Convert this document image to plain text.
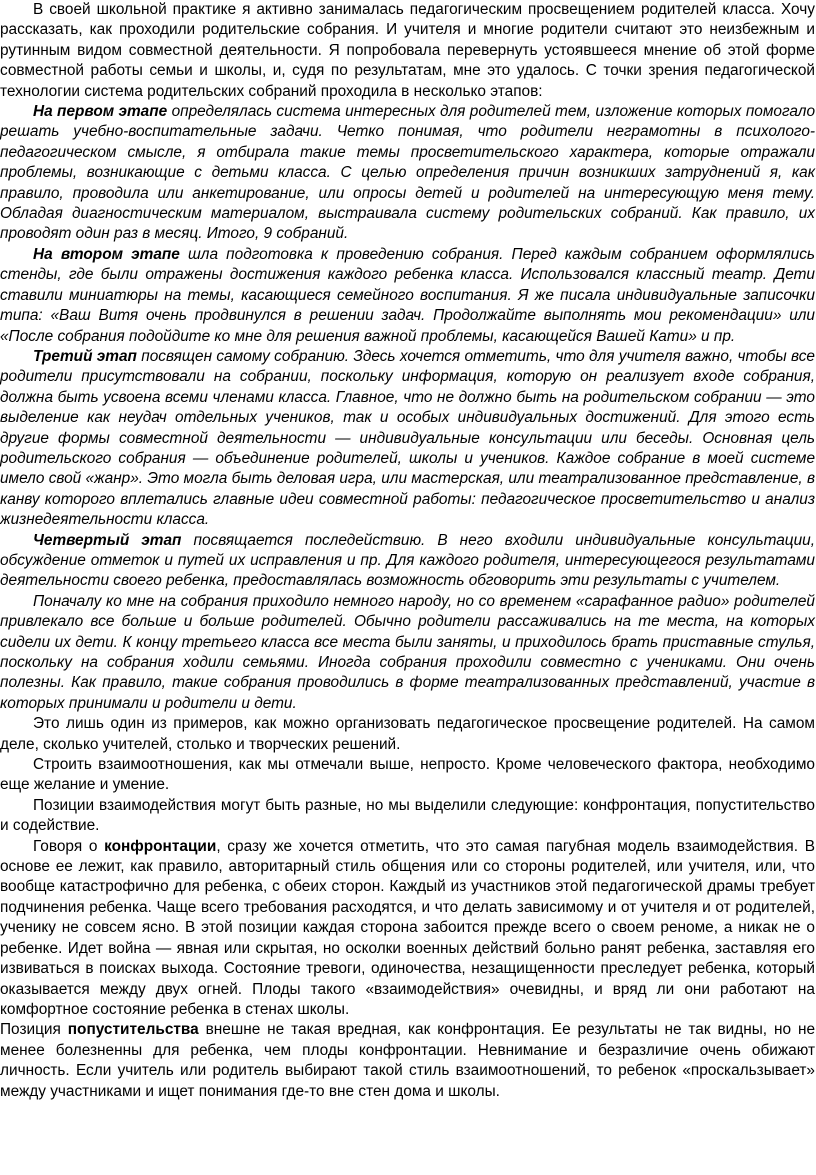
В своей школьной практике я активно занималась педагогическим просвещением родителей класса. Хочу рассказать, как проходили родительские собрания. И учителя и многие родители считают это неизбежным и рутинным видом совместной деятельности. Я попробовала перевернуть устоявшееся мнение об этой форме совместной работы семьи и школы, и, судя по результатам, мне это удалось. С точки зрения педагогической технологии система родительских собраний проходила в несколько этапов:

На первом этапе определялась система интересных для родителей тем, изложение которых помогало решать учебно-воспитательные задачи. Четко понимая, что родители неграмотны в психолого-педагогическом смысле, я отбирала такие темы просветительского характера, которые отражали проблемы, возникающие с детьми класса. С целью определения причин возникших затруднений я, как правило, проводила или анкетирование, или опросы детей и родителей на интересующую меня тему. Обладая диагностическим материалом, выстраивала систему родительских собраний. Как правило, их проводят один раз в месяц. Итого, 9 собраний.

На втором этапе шла подготовка к проведению собрания. Перед каждым собранием оформлялись стенды, где были отражены достижения каждого ребенка класса. Использовался классный театр. Дети ставили миниатюры на темы, касающиеся семейного воспитания. Я же писала индивидуальные записочки типа: «Ваш Витя очень продвинулся в решении задач. Продолжайте выполнять мои рекомендации» или «После собрания подойдите ко мне для решения важной проблемы, касающейся Вашей Кати» и пр.

Третий этап посвящен самому собранию. Здесь хочется отметить, что для учителя важно, чтобы все родители присутствовали на собрании, поскольку информация, которую он реализует входе собрания, должна быть усвоена всеми членами класса. Главное, что не должно быть на родительском собрании — это выделение как неудач отдельных учеников, так и особых индивидуальных достижений. Для этого есть другие формы совместной деятельности — индивидуальные консультации или беседы. Основная цель родительского собрания — объединение родителей, школы и учеников. Каждое собрание в моей системе имело свой «жанр». Это могла быть деловая игра, или мастерская, или театрализованное представление, в канву которого вплетались главные идеи совместной работы: педагогическое просветительство и анализ жизнедеятельности класса.

Четвертый этап посвящается последействию. В него входили индивидуальные консультации, обсуждение отметок и путей их исправления и пр. Для каждого родителя, интересующегося результатами деятельности своего ребенка, предоставлялась возможность обговорить эти результаты с учителем.

Поначалу ко мне на собрания приходило немного народу, но со временем «сарафанное радио» родителей привлекало все больше и больше родителей. Обычно родители рассаживались на те места, на которых сидели их дети. К концу третьего класса все места были заняты, и приходилось брать приставные стулья, поскольку на собрания ходили семьями. Иногда собрания проходили совместно с учениками. Они очень полезны. Как правило, такие собрания проводились в форме театрализованных представлений, участие в которых принимали и родители и дети.

Это лишь один из примеров, как можно организовать педагогическое просвещение родителей. На самом деле, сколько учителей, столько и творческих решений.

Строить взаимоотношения, как мы отмечали выше, непросто. Кроме человеческого фактора, необходимо еще желание и умение.

Позиции взаимодействия могут быть разные, но мы выделили следующие: конфронтация, попустительство и содействие.

Говоря о конфронтации, сразу же хочется отметить, что это самая пагубная модель взаимодействия. В основе ее лежит, как правило, авторитарный стиль общения или со стороны родителей, или учителя, или, что вообще катастрофично для ребенка, с обеих сторон. Каждый из участников этой педагогической драмы требует подчинения ребенка. Чаще всего требования расходятся, и что делать зависимому и от учителя и от родителей, ученику не совсем ясно. В этой позиции каждая сторона забоится прежде всего о своем реноме, а никак не о ребенке. Идет война — явная или скрытая, но осколки военных действий больно ранят ребенка, заставляя его извиваться в поисках выхода. Состояние тревоги, одиночества, незащищенности преследует ребенка, который оказывается между двух огней. Плоды такого «взаимодействия» очевидны, и вряд ли они работают на комфортное состояние ребенка в стенах школы.

Позиция попустительства внешне не такая вредная, как конфронтация. Ее результаты не так видны, но не менее болезненны для ребенка, чем плоды конфронтации. Невнимание и безразличие очень обижают личность. Если учитель или родитель выбирают такой стиль взаимоотношений, то ребенок «проскальзывает» между участниками и ищет понимания где-то вне стен дома и школы.
